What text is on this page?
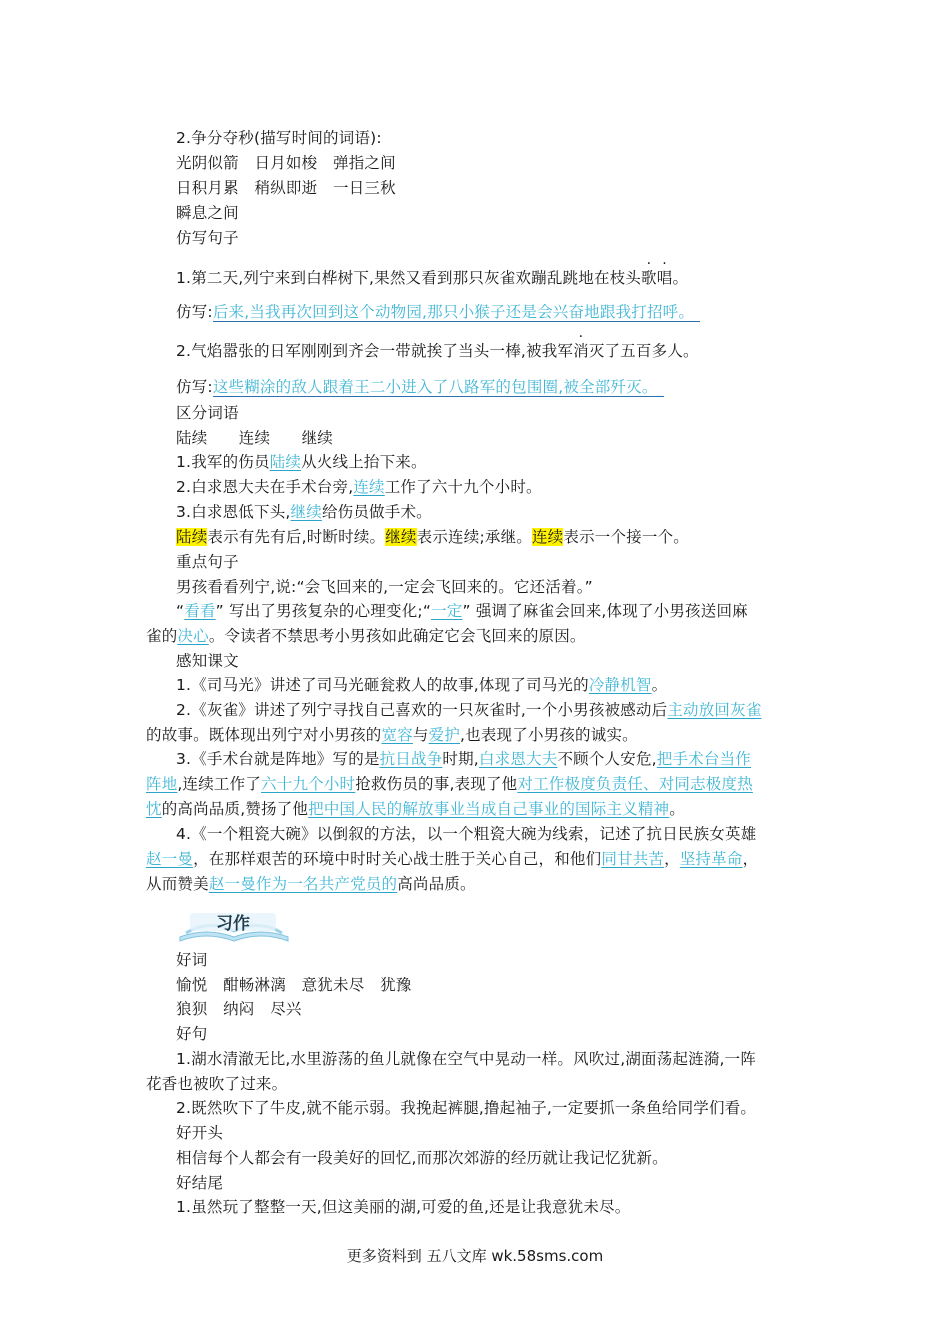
2.争分夺秒(描写时间的词语):
光阴似箭　日月如梭　弹指之间
日积月累　稍纵即逝　一日三秋
瞬息之间
仿写句子
1.第二天,列宁来到白桦树下,果然又看到那只灰雀欢蹦乱跳地在枝头歌唱。
仿写:后来,当我再次回到这个动物园,那只小猴子还是会兴奋地跟我打招呼。
2.气焰嚣张的日军刚刚到齐会一带就挨了当头一棒,被我军消灭了五百多人。
仿写:这些糊涂的敌人跟着王二小进入了八路军的包围圈,被全部歼灭。
区分词语
陆续　　连续　　继续
1.我军的伤员陆续从火线上抬下来。
2.白求恩大夫在手术台旁,连续工作了六十九个小时。
3.白求恩低下头,继续给伤员做手术。
陆续表示有先有后,时断时续。继续表示连续;承继。连续表示一个接一个。
重点句子
男孩看看列宁,说:“会飞回来的,一定会飞回来的。它还活着。”
“看看” 写出了男孩复杂的心理变化;“一定” 强调了麻雀会回来,体现了小男孩送回麻
雀的决心。令读者不禁思考小男孩如此确定它会飞回来的原因。
感知课文
1.《司马光》讲述了司马光砸瓮救人的故事,体现了司马光的冷静机智。
2.《灰雀》讲述了列宁寻找自己喜欢的一只灰雀时,一个小男孩被感动后主动放回灰雀
的故事。既体现出列宁对小男孩的宽容与爱护,也表现了小男孩的诚实。
3.《手术台就是阵地》写的是抗日战争时期,白求恩大夫不顾个人安危,把手术台当作
阵地,连续工作了六十九个小时抢救伤员的事,表现了他对工作极度负责任、对同志极度热
忱的高尚品质,赞扬了他把中国人民的解放事业当成自己事业的国际主义精神。
4.《一个粗瓷大碗》以倒叙的方法，以一个粗瓷大碗为线索，记述了抗日民族女英雄
赵一曼，在那样艰苦的环境中时时关心战士胜于关心自己，和他们同甘共苦，坚持革命，
从而赞美赵一曼作为一名共产党员的高尚品质。
习作
好词
愉悦　酣畅淋漓　意犹未尽　犹豫
狼狈　纳闷　尽兴
好句
1.湖水清澈无比,水里游荡的鱼儿就像在空气中晃动一样。风吹过,湖面荡起涟漪,一阵
花香也被吹了过来。
2.既然吹下了牛皮,就不能示弱。我挽起裤腿,撸起袖子,一定要抓一条鱼给同学们看。
好开头
相信每个人都会有一段美好的回忆,而那次郊游的经历就让我记忆犹新。
好结尾
1.虽然玩了整整一天,但这美丽的湖,可爱的鱼,还是让我意犹未尽。
更多资料到 五八文库 wk.58sms.com
